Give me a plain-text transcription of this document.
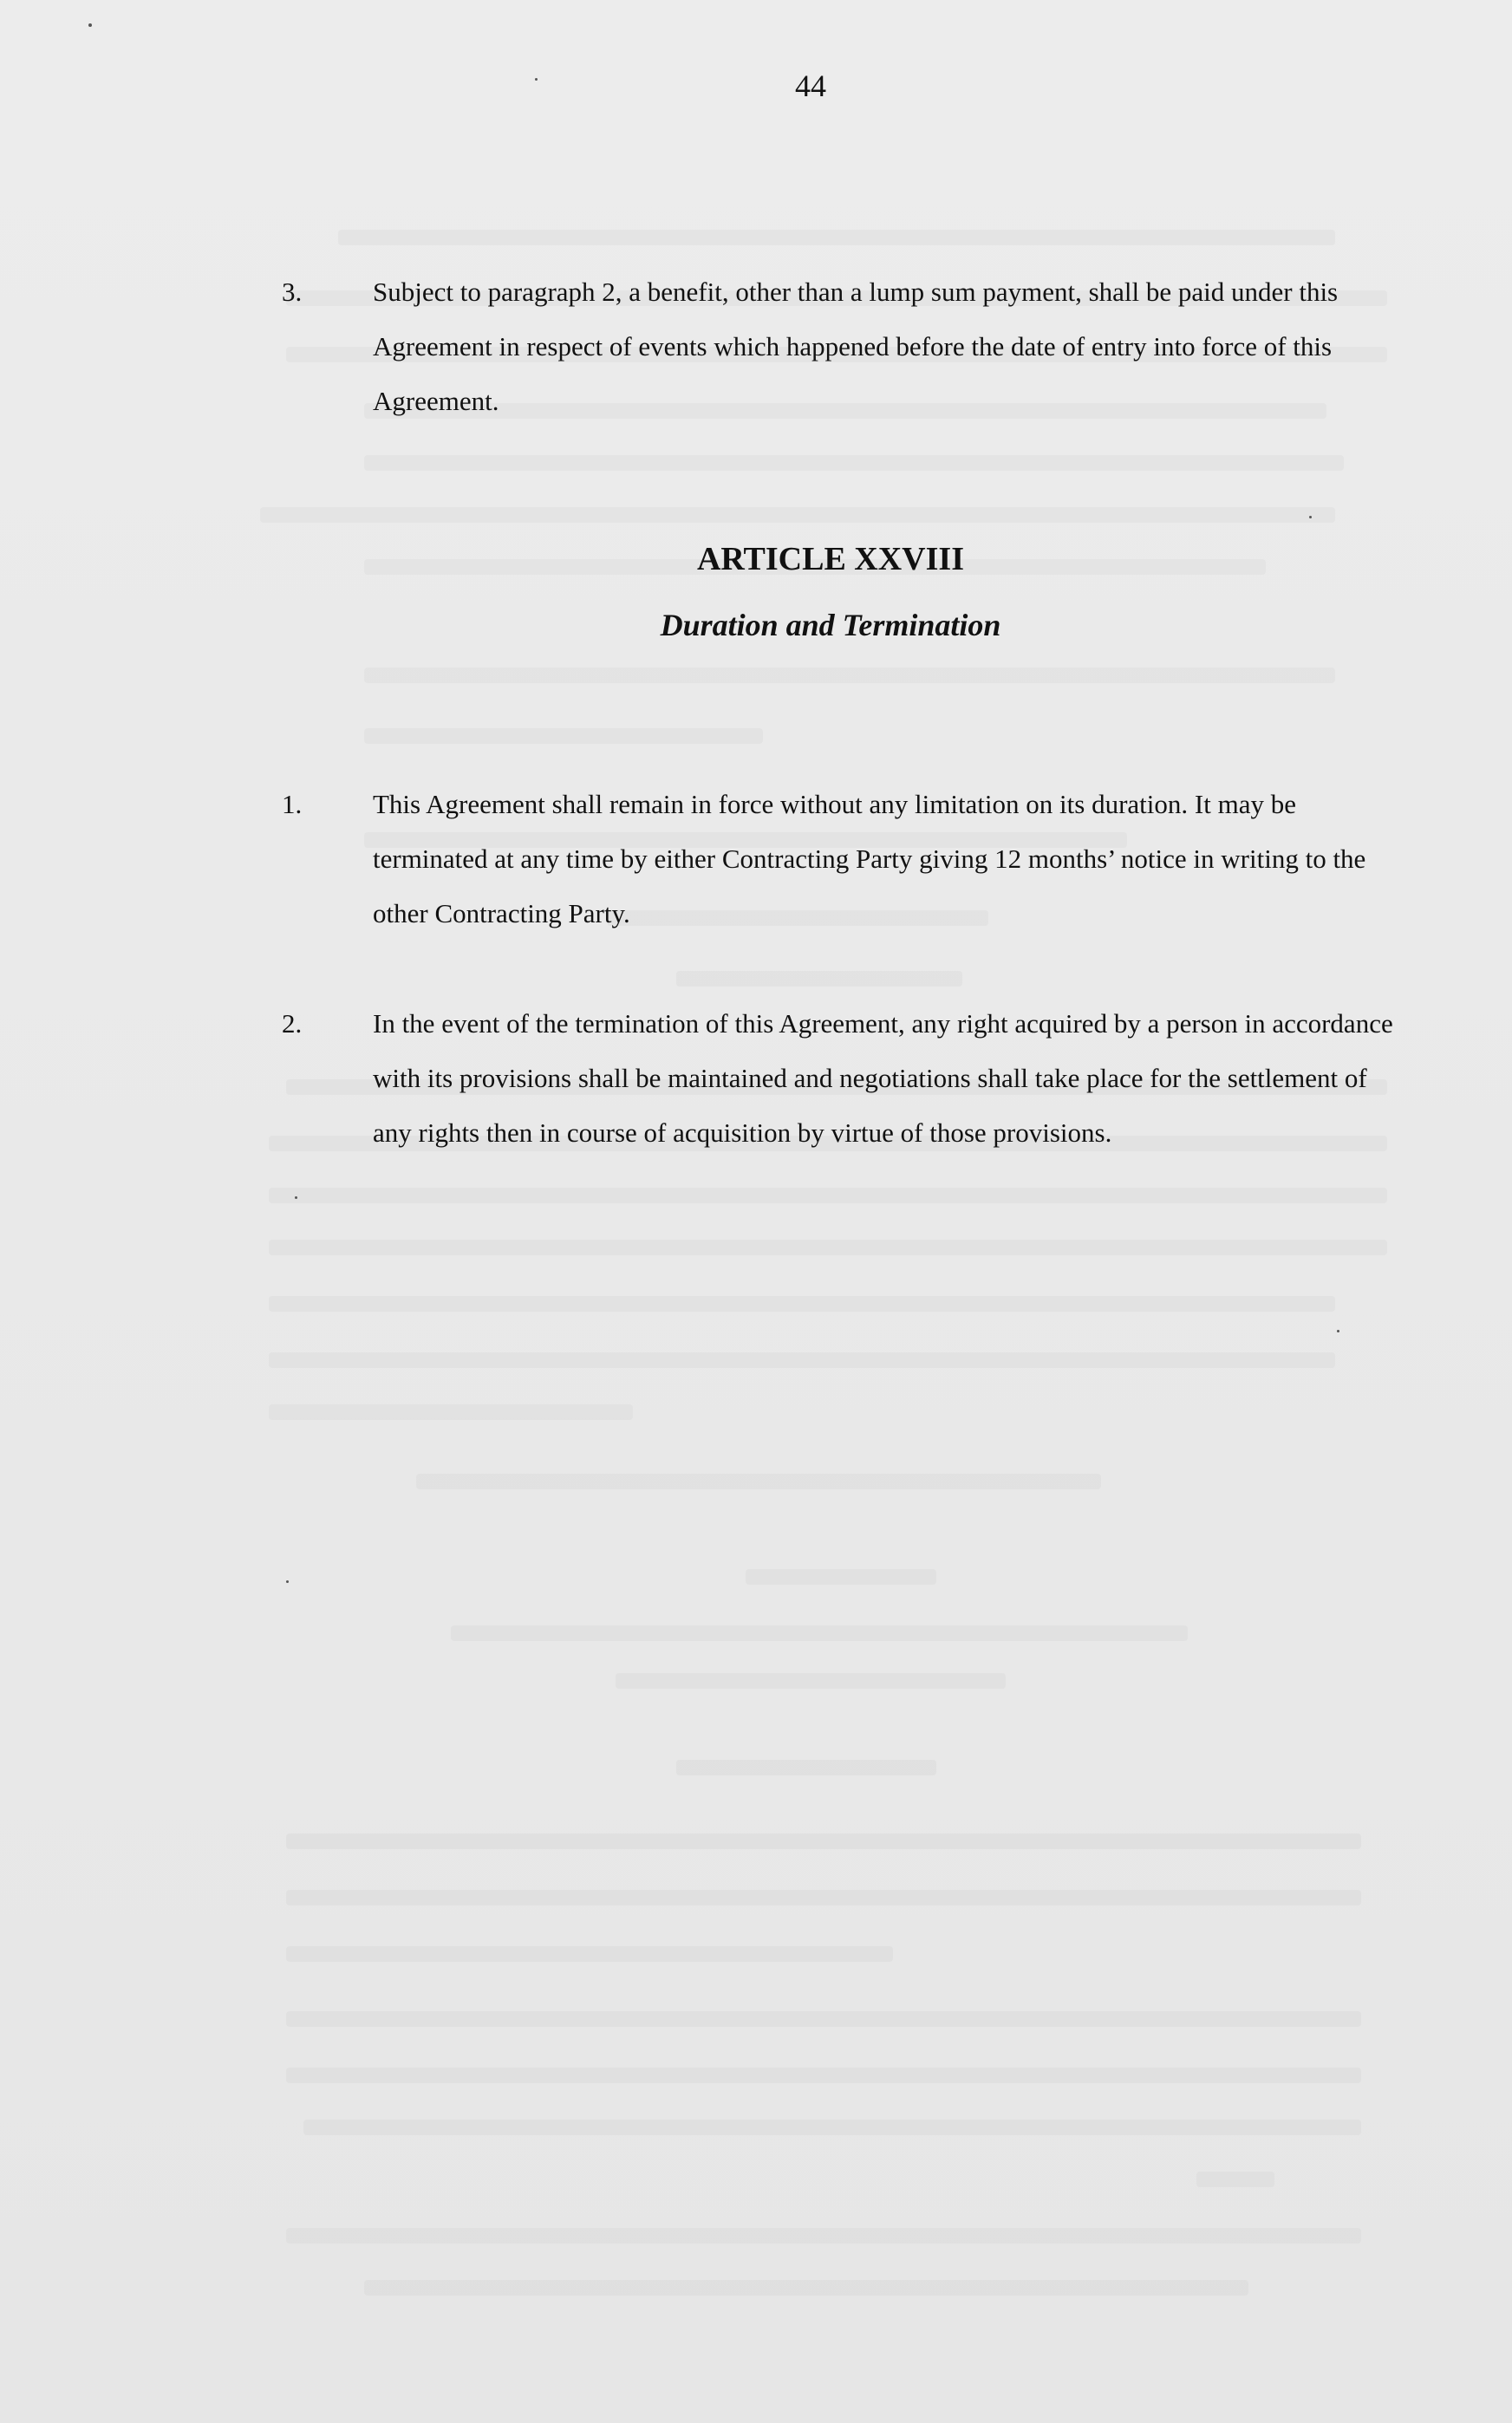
44
3.	Subject to paragraph 2, a benefit, other than a lump sum payment, shall be paid under this Agreement in respect of events which happened before the date of entry into force of this Agreement.
ARTICLE XXVIII
Duration and Termination
1.	This Agreement shall remain in force without any limitation on its duration. It may be terminated at any time by either Contracting Party giving 12 months’ notice in writing to the other Contracting Party.
2.	In the event of the termination of this Agreement, any right acquired by a person in accordance with its provisions shall be maintained and negotiations shall take place for the settlement of any rights then in course of acquisition by virtue of those provisions.
